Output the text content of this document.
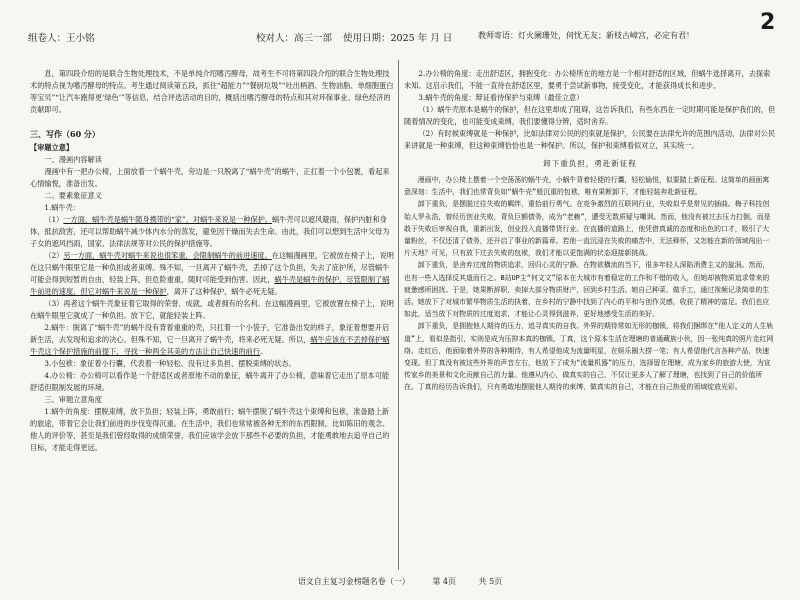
组卷人：王小铭	校对人：高三一部 使用日期：2025 年 月 日	教师寄语：灯火阑珊处，何忧无友；新枝古嶂宫，必定有君！
2

息，第四段介绍的是联合生物处理技术，不是单纯介绍嗜汚酵母，故考生不可将第四段介绍的联合生物处理技术的特点视为嗜汚酵母的特点。考生通过阅读第五段，抓住“超能力”“餐厨垃圾”“吐出柄酒、生物油脂、单细胞蛋白等宝贝”“让汽车跑得更‘绿色’”等信息，结合评选活动的目的，概括出嗜汚酵母的特点和其对环保事业、绿色经济的贡献即可。

三、写作（60 分）

【审题立意】

一、漫画内容解读

漫画中有一把办公椅，上面放着一个蜗牛壳，旁边是一只脱离了“蜗牛壳”的蜗牛，正扛着一个小包裹，看起来心情愉悦，准备出发。

二、要素象征意义

1.蜗牛壳：

（1）一方面，蜗牛壳是蜗牛随身携带的“家”，对蜗牛来说是一种保护。蜗牛壳可以遮风避雨，保护内脏和身体，抵抗敌害，还可以帮助蜗牛减少体内水分的蒸发，避免因干燥而失去生命。由此，我们可以想到生活中父母为子女的遮风挡雨，国家、法律法规等对公民的保护措施等。

（2）另一方面，蜗牛壳对蜗牛来说也很笨重，会限制蜗牛的前进速度。在这幅漫画里，它被放在椅子上，说明在这只蜗牛眼里它是一种负担或者束缚。殊不知，一旦离开了蜗牛壳，丢掉了这个负担，失去了庇护所，尽管蜗牛可能会得到短暂的自由，轻装上阵，但危险重重，随时可能受到伤害。因此，蜗牛壳是蜗牛的保护，尽管限制了蜗牛前进的速度，但它对蜗牛来说是一种保护，离开了这种保护，蜗牛必死无疑。

（3）再者这个蜗牛壳象征着它取得的荣誉、成就，或者拥有的名利。在这幅漫画里，它被放置在椅子上，说明在蜗牛眼里它就成了一种负担。放下它，就能轻装上阵。

2.蜗牛：脱离了“蜗牛壳”的蜗牛没有背着重重的壳，只扛着一个小袋子，它准备出发的样子，象征着想要开启新生活，去发现和追求的决心。但殊不知，它一旦离开了蜗牛壳，将来必死无疑。所以，蜗牛应该在不丢掉保护蜗牛壳这个保护措施的前提下，寻找一种两全其美的方法让自己快速的前行。

3.小包袱：象征着小行囊，代表着一种轻松、没有过多负担、摆脱束缚的状态。

4.办公椅：办公椅可以看作是一个舒适区或者原地不动的象征，蜗牛离开了办公椅，意味着它走出了原本可能舒适但限制发展的环境。

三、审题立意角度

1.蜗牛的角度：摆脱束缚，放下负担；轻装上阵，勇敢前行；蜗牛摆脱了蜗牛壳这个束缚和包袱，准备踏上新的旅途，带着它会让我们前进的步伐变得沉重。在生活中，我们也常常被各种无形的东西限制，比如陈旧的观念、他人的评价等，甚至是我们曾经取得的成绩荣誉，我们应该学会放下那些不必要的负担，才能勇敢地去追寻自己的目标，才能走得更远。

2.办公椅的角度：走出舒适区，拥抱变化：办公椅所在的地方是一个相对舒适的区域，但蜗牛选择离开，去探索未知。这启示我们，不能一直待在舒适区里，要勇于尝试新事物，接受变化，才能获得成长和进步。

3.蜗牛壳的角度：辩证看待保护与束缚（最佳立意）

（1）蜗牛壳原本是蜗牛的保护，但在这里却成了阻碍，这告诉我们，有些东西在一定时期可能是保护我们的，但随着情况的变化，也可能变成束缚，我们要懂得分辨，适时舍弃。

（2）有时候束缚就是一种保护，比如法律对公民的约束就是保护，公民要在法律允许的范围内活动，法律对公民来讲就是一种束缚，但这种束缚恰恰也是一种保护。所以，保护和束缚看似对立，其实统一。

卸下重负担，勇赴新征程

漫画中，办公椅上摆着一个空荡荡的蜗牛壳，小蜗牛背着轻便的行囊，轻松愉悦，似要踏上新征程。这简单的画面寓意深刻：生活中，我们也常背负如“蜗牛壳”般沉重的包袱，唯有果断卸下，才能轻装奔赴新征程。

卸下重负，是摆脱过往失败的羁绊，重拾前行勇气。在竞争激烈的互联网行业，失败似乎是常见的插曲。梅子科技创始人罗永浩，曾经历创业失败，背负巨额债务，成为“老赖”，遭受无数质疑与嘲讽。然而，他没有被过去压力打倒，而是敢于失败后审视自我，重新出发，创业投入直播带货行业。在直播的道路上，他凭借真诚的态度和出色的口才，吸引了大量粉丝，不仅还清了债务，还开启了事业的新篇章。若他一直沉浸在失败的痛苦中，无法释怀，又怎能在新的领域闯出一片天地？可见，只有放下过去失败的包袱，我们才能以更饱满的状态迎接新挑战。

卸下重负，是舍弃过度的物质追求，回归心灵的宁静。在物欲横流的当下，很多年轻人深陷消费主义的旋涡。然而，也有一些人选择反其道而行之。B站UP主“何文文”原本在大城市有着稳定的工作和不错的收入，但她却被物质追求带来的疲惫感所困扰。于是，她果断辞职，卖掉大部分物质财产，回到乡村生活。她自己种菜、做手工，通过视频记录简单的生活。她放下了对城市繁华物质生活的执着，在乡村的宁静中找到了内心的平和与创作灵感，收获了精神的富足。我们也应如此，适当放下对物质的过度追求，才能让心灵得到滋养，更好地感受生活的美好。

卸下重负，是拥抱他人期待的压力，追寻真实的自我。外界的期待常如无形的枷锁，将我们捆绑在“他人定义的人生轨道”上，看似是指引，实则是成为压抑本真的枷锁。丁真，这个原本生活在理塘的普通藏族小伙，因一张纯真的照片走红网络。走红后，他面临着外界的各种期待，有人希望他成为流量明星，在娱乐圈大捞一笔；有人希望他代言各种产品，快速变现。但丁真没有被这些外界的声音左右，他放下了成为“流量机器”的压力，选择留在理塘，成为家乡的旅游大使，为宣传家乡的美景和文化贡献自己的力量。他遵从内心，做真实的自己，不仅让更多人了解了理塘，也找到了自己的价值所在。丁真的经历告诉我们，只有勇敢地摆脱他人期待的束缚，做真实的自己，才能在自己热爱的领域绽放光彩。

语文自主复习金榜题名卷（一）	第 4页	共 5页
